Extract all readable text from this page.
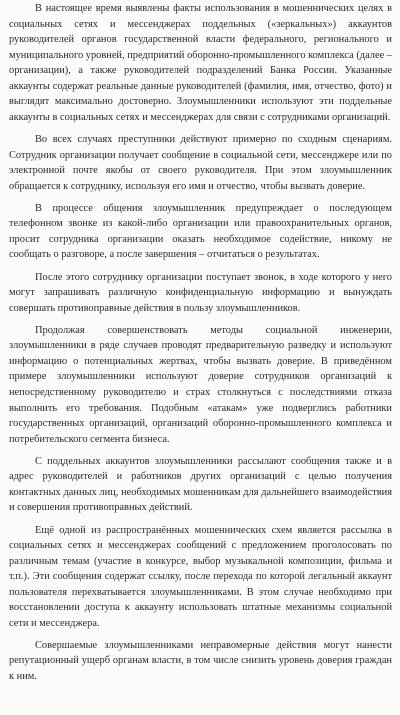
В настоящее время выявлены факты использования в мошеннических целях в социальных сетях и мессенджерах поддельных («зеркальных») аккаунтов руководителей органов государственной власти федерального, регионального и муниципального уровней, предприятий оборонно-промышленного комплекса (далее – организации), а также руководителей подразделений Банка России. Указанные аккаунты содержат реальные данные руководителей (фамилия, имя, отчество, фото) и выглядят максимально достоверно. Злоумышленники используют эти поддельные аккаунты в социальных сетях и мессенджерах для связи с сотрудниками организаций.

Во всех случаях преступники действуют примерно по сходным сценариям. Сотрудник организации получает сообщение в социальной сети, мессенджере или по электронной почте якобы от своего руководителя. При этом злоумышленник обращается к сотруднику, используя его имя и отчество, чтобы вызвать доверие.

В процессе общения злоумышленник предупреждает о последующем телефонном звонке из какой-либо организации или правоохранительных органов, просит сотрудника организации оказать необходимое содействие, никому не сообщать о разговоре, а после завершения – отчитаться о результатах.

После этого сотруднику организации поступает звонок, в ходе которого у него могут запрашивать различную конфиденциальную информацию и вынуждать совершать противоправные действия в пользу злоумышленников.

Продолжая совершенствовать методы социальной инженерии, злоумышленники в ряде случаев проводят предварительную разведку и используют информацию о потенциальных жертвах, чтобы вызвать доверие. В приведённом примере злоумышленники используют доверие сотрудников организаций к непосредственному руководителю и страх столкнуться с последствиями отказа выполнить его требования. Подобным «атакам» уже подверглись работники государственных организаций, организаций оборонно-промышленного комплекса и потребительского сегмента бизнеса.

С поддельных аккаунтов злоумышленники рассылают сообщения также и в адрес руководителей и работников других организаций с целью получения контактных данных лиц, необходимых мошенникам для дальнейшего взаимодействия и совершения противоправных действий.

Ещё одной из распространённых мошеннических схем является рассылка в социальных сетях и мессенджерах сообщений с предложением проголосовать по различным темам (участие в конкурсе, выбор музыкальной композиции, фильма и т.п.). Эти сообщения содержат ссылку, после перехода по которой легальный аккаунт пользователя перехватывается злоумышленниками. В этом случае необходимо при восстановлении доступа к аккаунту использовать штатные механизмы социальной сети и мессенджера.

Совершаемые злоумышленниками неправомерные действия могут нанести репутационный ущерб органам власти, в том числе снизить уровень доверия граждан к ним.
